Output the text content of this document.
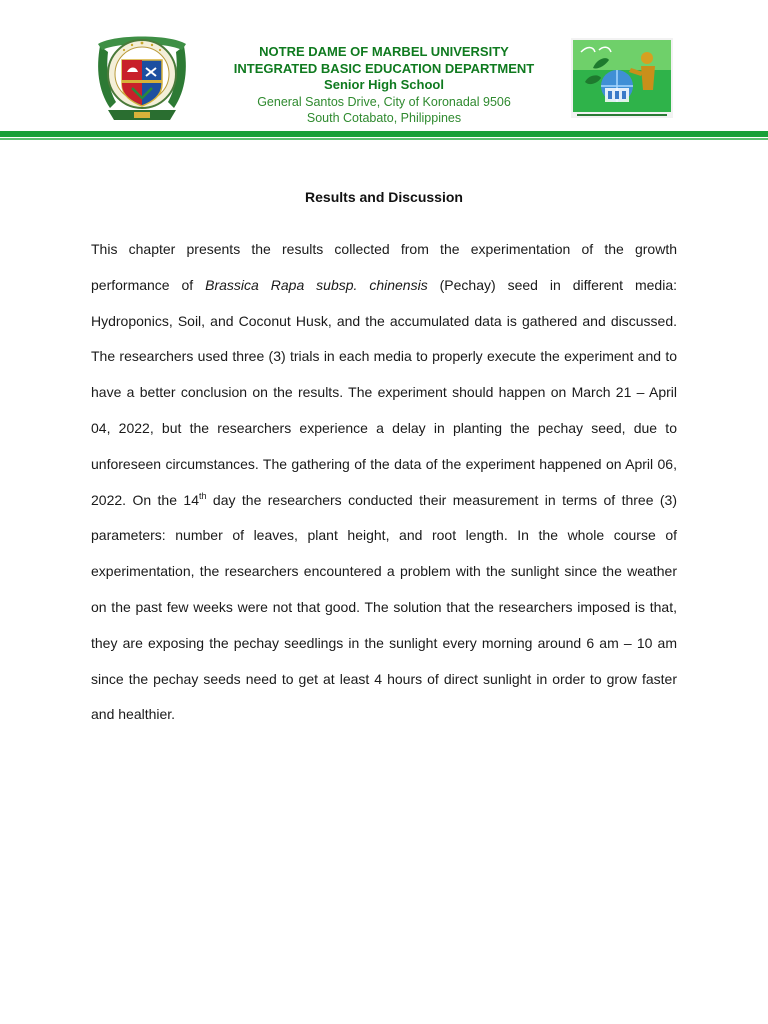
NOTRE DAME OF MARBEL UNIVERSITY
INTEGRATED BASIC EDUCATION DEPARTMENT
Senior High School
General Santos Drive, City of Koronadal 9506
South Cotabato, Philippines
Results and Discussion

This chapter presents the results collected from the experimentation of the growth performance of Brassica Rapa subsp. chinensis (Pechay) seed in different media: Hydroponics, Soil, and Coconut Husk, and the accumulated data is gathered and discussed. The researchers used three (3) trials in each media to properly execute the experiment and to have a better conclusion on the results. The experiment should happen on March 21 – April 04, 2022, but the researchers experience a delay in planting the pechay seed, due to unforeseen circumstances. The gathering of the data of the experiment happened on April 06, 2022. On the 14th day the researchers conducted their measurement in terms of three (3) parameters: number of leaves, plant height, and root length. In the whole course of experimentation, the researchers encountered a problem with the sunlight since the weather on the past few weeks were not that good. The solution that the researchers imposed is that, they are exposing the pechay seedlings in the sunlight every morning around 6 am – 10 am since the pechay seeds need to get at least 4 hours of direct sunlight in order to grow faster and healthier.
